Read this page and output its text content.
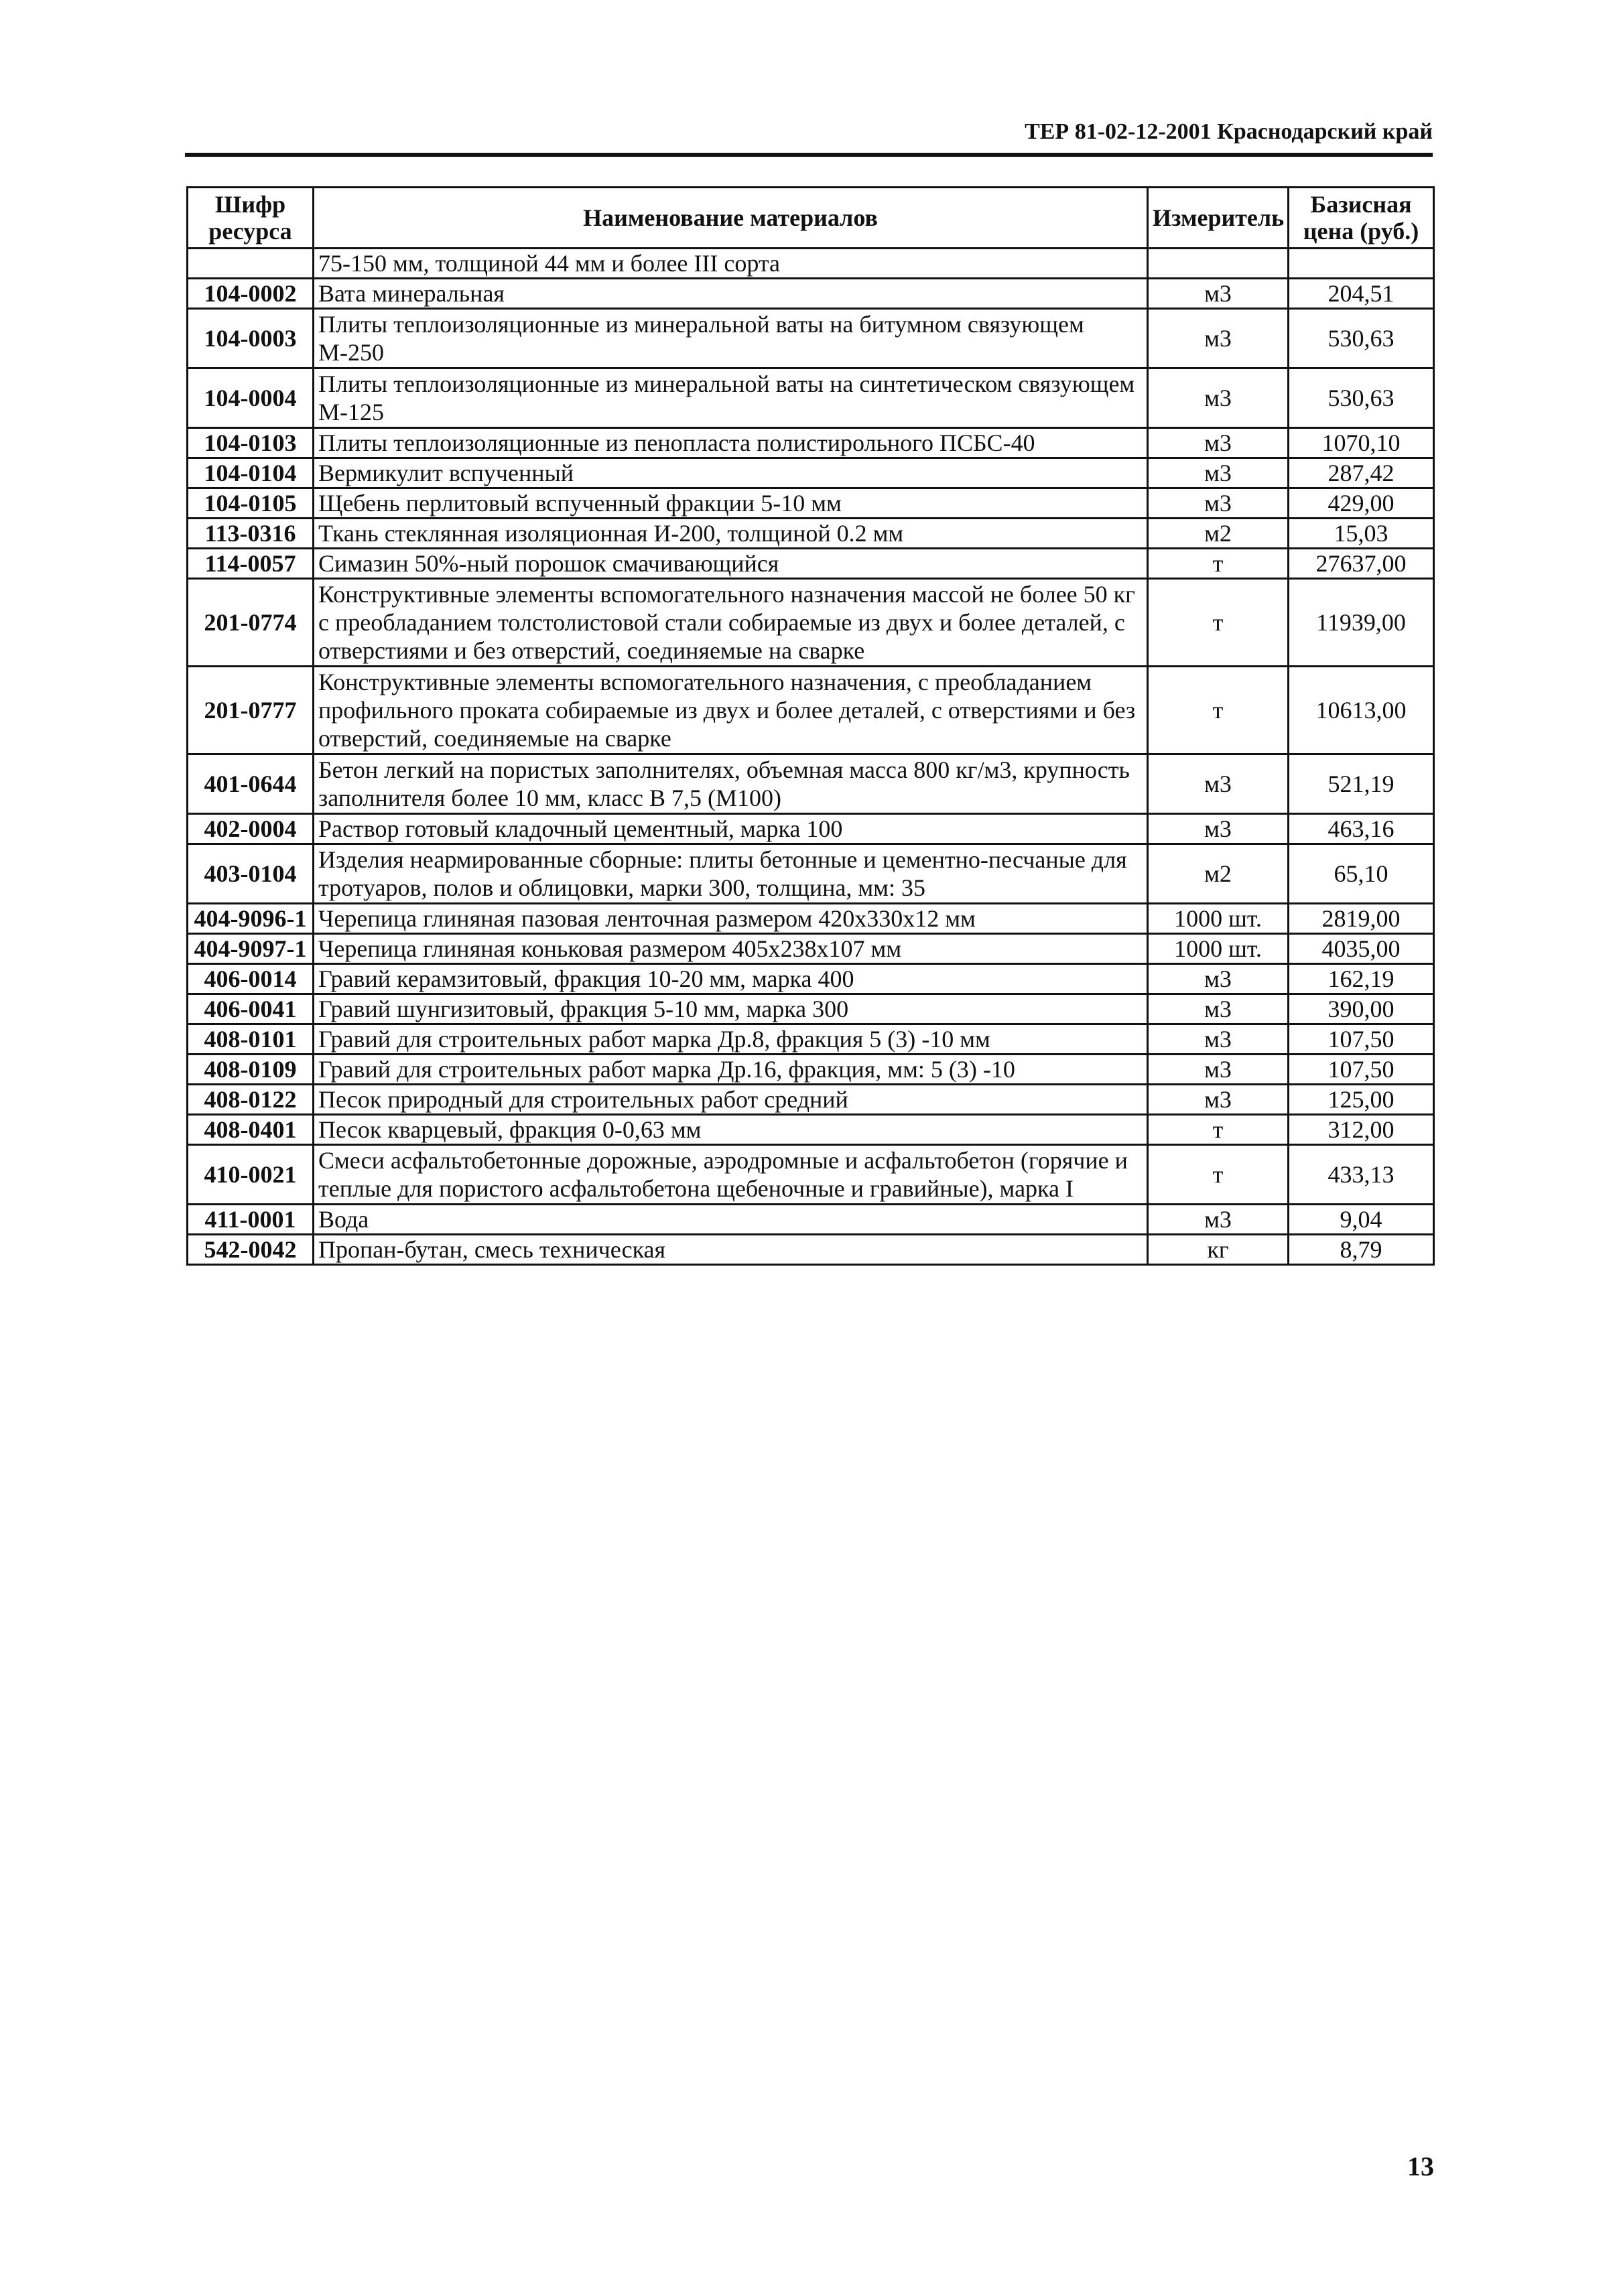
ТЕР 81-02-12-2001 Краснодарский край
Шифр ресурса	Наименование материалов	Измеритель	Базисная цена (руб.)
	75-150 мм, толщиной 44 мм и более III сорта		
104-0002	Вата минеральная	м3	204,51
104-0003	Плиты теплоизоляционные из минеральной ваты на битумном связующем М-250	м3	530,63
104-0004	Плиты теплоизоляционные из минеральной ваты на синтетическом связующем М-125	м3	530,63
104-0103	Плиты теплоизоляционные из пенопласта полистирольного ПСБС-40	м3	1070,10
104-0104	Вермикулит вспученный	м3	287,42
104-0105	Щебень перлитовый вспученный фракции 5-10 мм	м3	429,00
113-0316	Ткань стеклянная изоляционная И-200, толщиной 0.2 мм	м2	15,03
114-0057	Симазин 50%-ный порошок смачивающийся	т	27637,00
201-0774	Конструктивные элементы вспомогательного назначения массой не более 50 кг с преобладанием толстолистовой стали собираемые из двух и более деталей, с отверстиями и без отверстий, соединяемые на сварке	т	11939,00
201-0777	Конструктивные элементы вспомогательного назначения, с преобладанием профильного проката собираемые из двух и более деталей, с отверстиями и без отверстий, соединяемые на сварке	т	10613,00
401-0644	Бетон легкий на пористых заполнителях, объемная масса 800 кг/м3, крупность заполнителя более 10 мм, класс В 7,5 (М100)	м3	521,19
402-0004	Раствор готовый кладочный цементный, марка 100	м3	463,16
403-0104	Изделия неармированные сборные: плиты бетонные и цементно-песчаные для тротуаров, полов и облицовки, марки 300, толщина, мм: 35	м2	65,10
404-9096-1	Черепица глиняная пазовая ленточная размером 420х330х12 мм	1000 шт.	2819,00
404-9097-1	Черепица глиняная коньковая размером 405х238х107 мм	1000 шт.	4035,00
406-0014	Гравий керамзитовый, фракция 10-20 мм, марка 400	м3	162,19
406-0041	Гравий шунгизитовый, фракция 5-10 мм, марка 300	м3	390,00
408-0101	Гравий для строительных работ марка Др.8, фракция 5 (3) -10 мм	м3	107,50
408-0109	Гравий для строительных работ марка Др.16, фракция, мм: 5 (3) -10	м3	107,50
408-0122	Песок природный для строительных работ средний	м3	125,00
408-0401	Песок кварцевый, фракция 0-0,63 мм	т	312,00
410-0021	Смеси асфальтобетонные дорожные, аэродромные и асфальтобетон (горячие и теплые для пористого асфальтобетона щебеночные и гравийные), марка I	т	433,13
411-0001	Вода	м3	9,04
542-0042	Пропан-бутан, смесь техническая	кг	8,79
13
